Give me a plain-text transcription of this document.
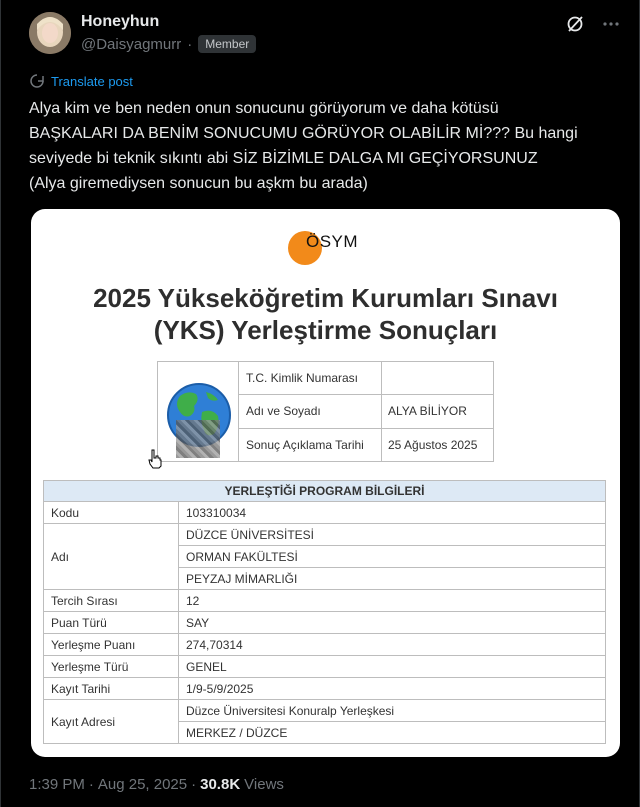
Honeyhun
@Daisyagmurr ·	Member
Translate post
Alya kim ve ben neden onun sonucunu görüyorum ve daha kötüsü
BAŞKALARI DA BENİM SONUCUMU GÖRÜYOR OLABİLİR Mİ??? Bu hangi
seviyede bi teknik sıkıntı abi SİZ BİZİMLE DALGA MI GEÇİYORSUNUZ
(Alya giremediysen sonucun bu aşkm bu arada)
ÖSYM
2025 Yükseköğretim Kurumları Sınavı
(YKS) Yerleştirme Sonuçları
	T.C. Kimlik Numarası	
	Adı ve Soyadı	ALYA BİLİYOR
	Sonuç Açıklama Tarihi	25 Ağustos 2025
YERLEŞTİĞİ PROGRAM BİLGİLERİ	
Kodu	103310034
Adı	DÜZCE ÜNİVERSİTESİ
	ORMAN FAKÜLTESİ
	PEYZAJ MİMARLIĞI
Tercih Sırası	12
Puan Türü	SAY
Yerleşme Puanı	274,70314
Yerleşme Türü	GENEL
Kayıt Tarihi	1/9-5/9/2025
Kayıt Adresi	Düzce Üniversitesi Konuralp Yerleşkesi
	MERKEZ / DÜZCE
1:39 PM · Aug 25, 2025 · 30.8K Views
